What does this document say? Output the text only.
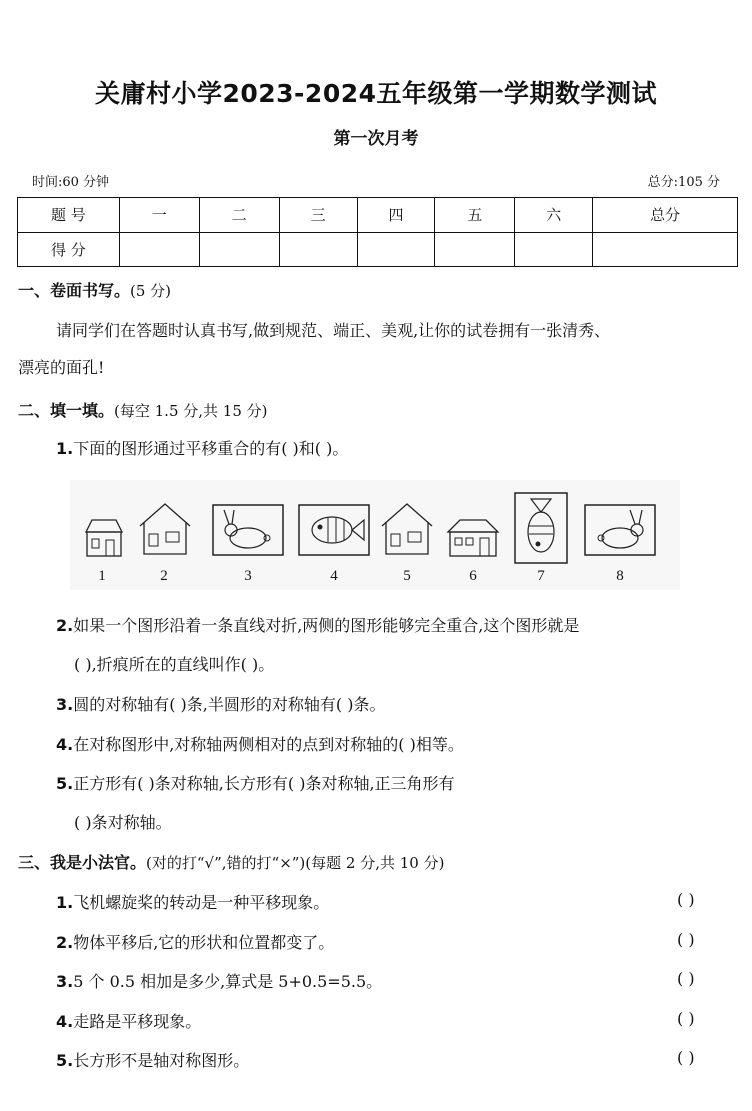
关庸村小学2023-2024五年级第一学期数学测试
第一次月考
时间:60 分钟	总分:105 分
题 号	一	二	三	四	五	六	总分
得 分							
一、卷面书写。(5 分)
请同学们在答题时认真书写,做到规范、端正、美观,让你的试卷拥有一张清秀、
漂亮的面孔!
二、填一填。(每空 1.5 分,共 15 分)
1.下面的图形通过平移重合的有( )和( )。
1	2	3	4	5	6	7	8
2.如果一个图形沿着一条直线对折,两侧的图形能够完全重合,这个图形就是
( ),折痕所在的直线叫作( )。
3.圆的对称轴有( )条,半圆形的对称轴有( )条。
4.在对称图形中,对称轴两侧相对的点到对称轴的( )相等。
5.正方形有( )条对称轴,长方形有( )条对称轴,正三角形有
( )条对称轴。
三、我是小法官。(对的打“√”,错的打“×”)(每题 2 分,共 10 分)
1.飞机螺旋桨的转动是一种平移现象。	( )
2.物体平移后,它的形状和位置都变了。	( )
3.5 个 0.5 相加是多少,算式是 5+0.5=5.5。	( )
4.走路是平移现象。	( )
5.长方形不是轴对称图形。	( )
